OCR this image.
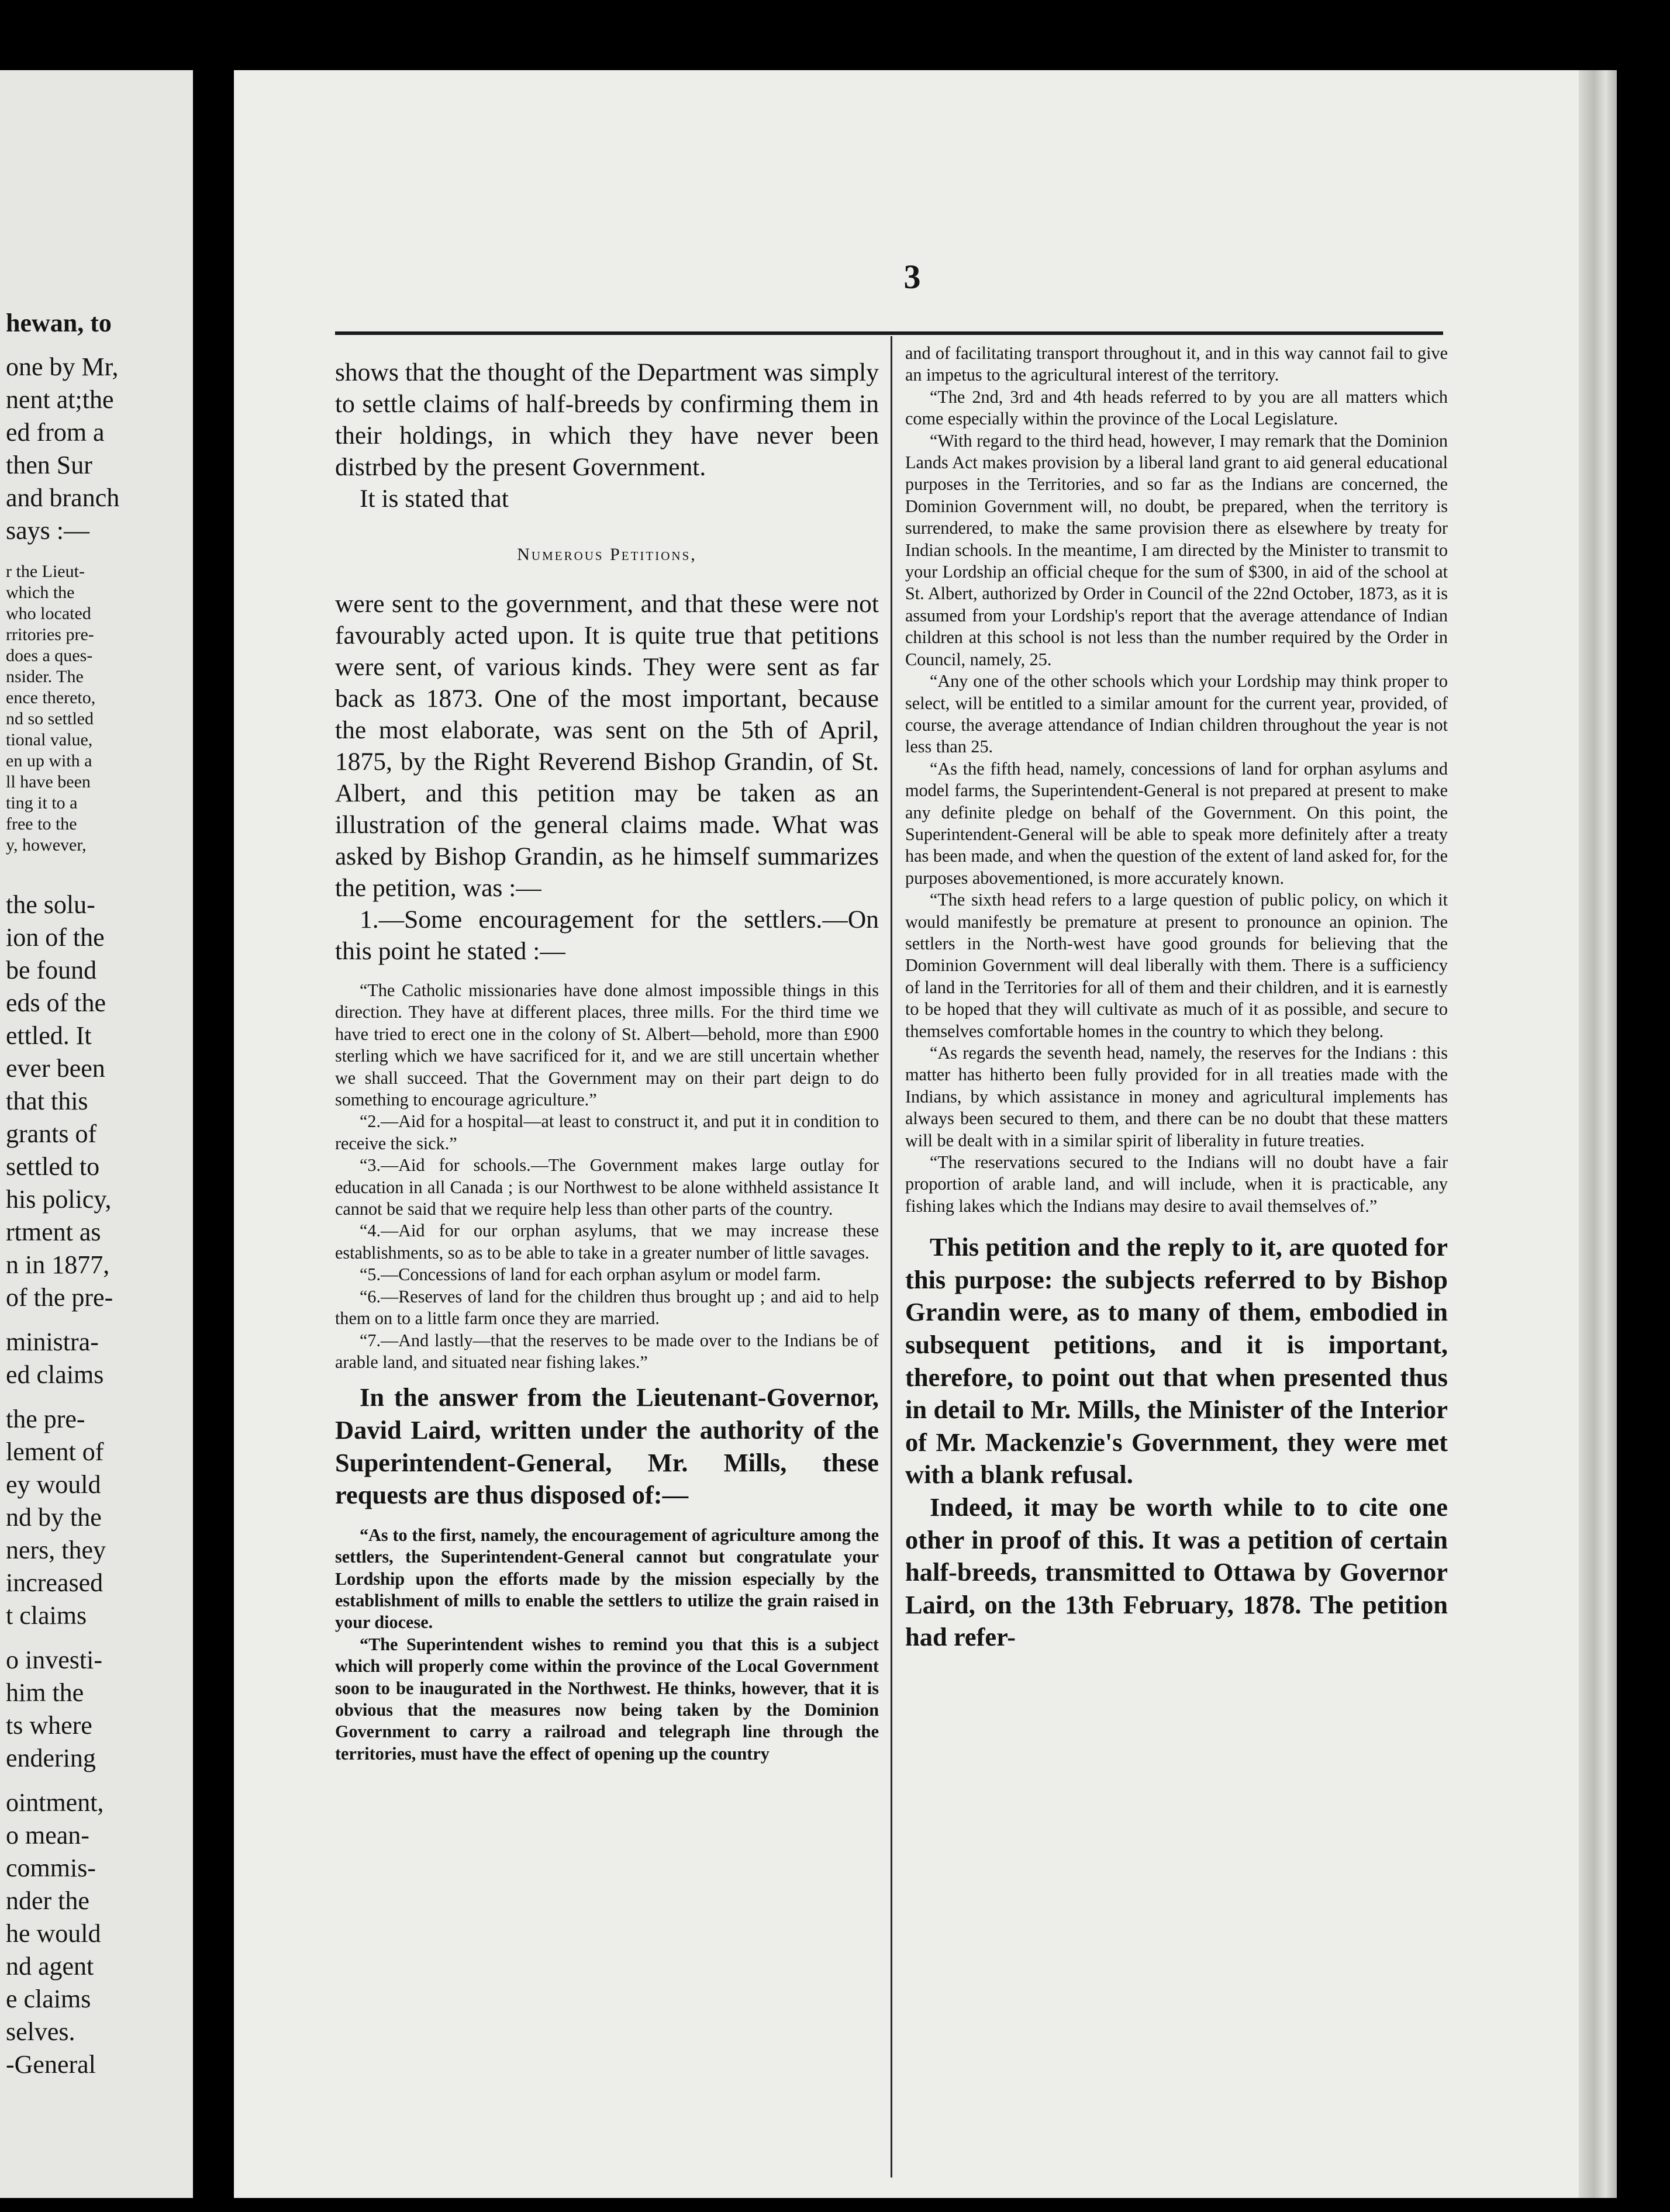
hewan, to
one by Mr,
nent at;the
ed from a
then Sur
and branch
says :—
r the Lieut-
which the
who located
rritories pre-
does a ques-
nsider. The
ence thereto,
nd so settled
tional value,
en up with a
ll have been
ting it to a
free to the
y, however,
the solu-
ion of the
be found
eds of the
ettled. It
ever been
that this
grants of
settled to
his policy,
rtment as
n in 1877,
of the pre-
ministra-
ed claims
the pre-
lement of
ey would
nd by the
ners, they
increased
t claims
o investi-
him the
ts where
endering
ointment,
o mean-
commis-
nder the
he would
nd agent
e claims
selves.
-General
3

shows that the thought of the Department was simply to settle claims of half-breeds by confirming them in their holdings, in which they have never been distrbed by the present Government.

It is stated that

Numerous Petitions,

were sent to the government, and that these were not favourably acted upon. It is quite true that petitions were sent, of various kinds. They were sent as far back as 1873. One of the most important, because the most elaborate, was sent on the 5th of April, 1875, by the Right Reverend Bishop Grandin, of St. Albert, and this petition may be taken as an illustration of the general claims made. What was asked by Bishop Grandin, as he himself summarizes the petition, was :—

1.—Some encouragement for the settlers.—On this point he stated :—

“The Catholic missionaries have done almost impossible things in this direction. They have at different places, three mills. For the third time we have tried to erect one in the colony of St. Albert—behold, more than £900 sterling which we have sacrificed for it, and we are still uncertain whether we shall succeed. That the Government may on their part deign to do something to encourage agriculture.”

“2.—Aid for a hospital—at least to construct it, and put it in condition to receive the sick.”

“3.—Aid for schools.—The Government makes large outlay for education in all Canada ; is our Northwest to be alone withheld assistance It cannot be said that we require help less than other parts of the country.

“4.—Aid for our orphan asylums, that we may increase these establishments, so as to be able to take in a greater number of little savages.

“5.—Concessions of land for each orphan asylum or model farm.

“6.—Reserves of land for the children thus brought up ; and aid to help them on to a little farm once they are married.

“7.—And lastly—that the reserves to be made over to the Indians be of arable land, and situated near fishing lakes.”

In the answer from the Lieutenant-Governor, David Laird, written under the authority of the Superintendent-General, Mr. Mills, these requests are thus disposed of:—

“As to the first, namely, the encouragement of agriculture among the settlers, the Superintendent-General cannot but congratulate your Lordship upon the efforts made by the mission especially by the establishment of mills to enable the settlers to utilize the grain raised in your diocese.

“The Superintendent wishes to remind you that this is a subject which will properly come within the province of the Local Government soon to be inaugurated in the Northwest. He thinks, however, that it is obvious that the measures now being taken by the Dominion Government to carry a railroad and telegraph line through the territories, must have the effect of opening up the country

and of facilitating transport throughout it, and in this way cannot fail to give an impetus to the agricultural interest of the territory.

“The 2nd, 3rd and 4th heads referred to by you are all matters which come especially within the province of the Local Legislature.

“With regard to the third head, however, I may remark that the Dominion Lands Act makes provision by a liberal land grant to aid general educational purposes in the Territories, and so far as the Indians are concerned, the Dominion Government will, no doubt, be prepared, when the territory is surrendered, to make the same provision there as elsewhere by treaty for Indian schools. In the meantime, I am directed by the Minister to transmit to your Lordship an official cheque for the sum of $300, in aid of the school at St. Albert, authorized by Order in Council of the 22nd October, 1873, as it is assumed from your Lordship's report that the average attendance of Indian children at this school is not less than the number required by the Order in Council, namely, 25.

“Any one of the other schools which your Lordship may think proper to select, will be entitled to a similar amount for the current year, provided, of course, the average attendance of Indian children throughout the year is not less than 25.

“As the fifth head, namely, concessions of land for orphan asylums and model farms, the Superintendent-General is not prepared at present to make any definite pledge on behalf of the Government. On this point, the Superintendent-General will be able to speak more definitely after a treaty has been made, and when the question of the extent of land asked for, for the purposes abovementioned, is more accurately known.

“The sixth head refers to a large question of public policy, on which it would manifestly be premature at present to pronounce an opinion. The settlers in the North-west have good grounds for believing that the Dominion Government will deal liberally with them. There is a sufficiency of land in the Territories for all of them and their children, and it is earnestly to be hoped that they will cultivate as much of it as possible, and secure to themselves comfortable homes in the country to which they belong.

“As regards the seventh head, namely, the reserves for the Indians : this matter has hitherto been fully provided for in all treaties made with the Indians, by which assistance in money and agricultural implements has always been secured to them, and there can be no doubt that these matters will be dealt with in a similar spirit of liberality in future treaties.

“The reservations secured to the Indians will no doubt have a fair proportion of arable land, and will include, when it is practicable, any fishing lakes which the Indians may desire to avail themselves of.”

This petition and the reply to it, are quoted for this purpose: the subjects referred to by Bishop Grandin were, as to many of them, embodied in subsequent petitions, and it is important, therefore, to point out that when presented thus in detail to Mr. Mills, the Minister of the Interior of Mr. Mackenzie's Government, they were met with a blank refusal.

Indeed, it may be worth while to to cite one other in proof of this. It was a petition of certain half-breeds, transmitted to Ottawa by Governor Laird, on the 13th February, 1878. The petition had refer-
